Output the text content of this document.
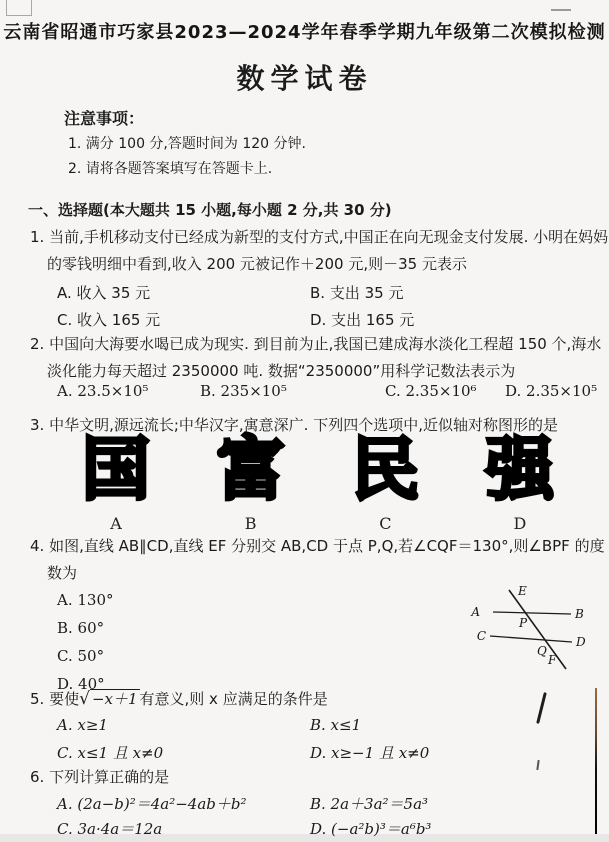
云南省昭通市巧家县2023—2024学年春季学期九年级第二次模拟检测
数学试卷
注意事项：
1. 满分 100 分,答题时间为 120 分钟.
2. 请将各题答案填写在答题卡上.
一、选择题(本大题共 15 小题,每小题 2 分,共 30 分)
1. 当前,手机移动支付已经成为新型的支付方式,中国正在向无现金支付发展. 小明在妈妈的零钱明细中看到,收入 200 元被记作＋200 元,则－35 元表示
A. 收入 35 元	B. 支出 35 元
C. 收入 165 元	D. 支出 165 元
2. 中国向大海要水喝已成为现实. 到目前为止,我国已建成海水淡化工程超 150 个,海水淡化能力每天超过 2350000 吨. 数据“2350000”用科学记数法表示为
A. 23.5×10⁵	B. 235×10⁵	C. 2.35×10⁶ D. 2.35×10⁵
3. 中华文明,源远流长;中华汉字,寓意深广. 下列四个选项中,近似轴对称图形的是
国
A
富
B
民
C
强
D
4. 如图,直线 AB∥CD,直线 EF 分别交 AB,CD 于点 P,Q,若∠CQF＝130°,则∠BPF 的度数为
A. 130°
B. 60°
C. 50°
D. 40°
E
A	B
P
C	D
Q
F
5. 要使√ −x＋1 有意义,则 x 应满足的条件是
A. x≥1	B. x≤1
C. x≤1 且 x≠0	D. x≥−1 且 x≠0
6. 下列计算正确的是
A. (2a−b)²＝4a²−4ab＋b²	B. 2a＋3a²＝5a³
C. 3a·4a＝12a	D. (−a²b)³＝a⁶b³
